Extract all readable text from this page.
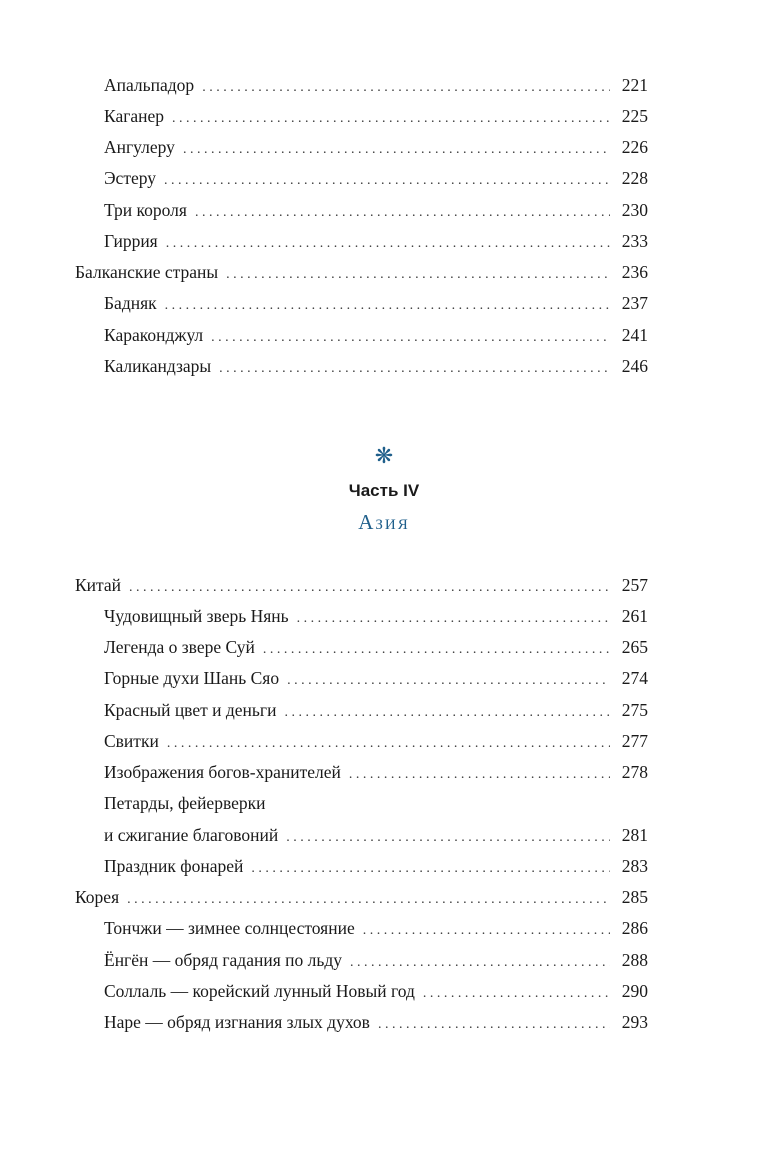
Апальпадор . . .	221
Каганер . . .	225
Ангулеру . . .	226
Эстеру . . .	228
Три короля . . .	230
Гиррия . . .	233
Балканские страны . . .	236
Бадняк . . .	237
Караконджул . . .	241
Каликандзары . . .	246
❋
Часть IV
Азия
Китай . . .	257
Чудовищный зверь Нянь . . .	261
Легенда о звере Суй . . .	265
Горные духи Шань Сяо . . .	274
Красный цвет и деньги . . .	275
Свитки . . .	277
Изображения богов-хранителей . . .	278
Петарды, фейерверки
и сжигание благовоний . . .	281
Праздник фонарей . . .	283
Корея . . .	285
Тончжи — зимнее солнцестояние . . .	286
Ёнгён — обряд гадания по льду . . .	288
Соллаль — корейский лунный Новый год . . .	290
Наре — обряд изгнания злых духов . . .	293
